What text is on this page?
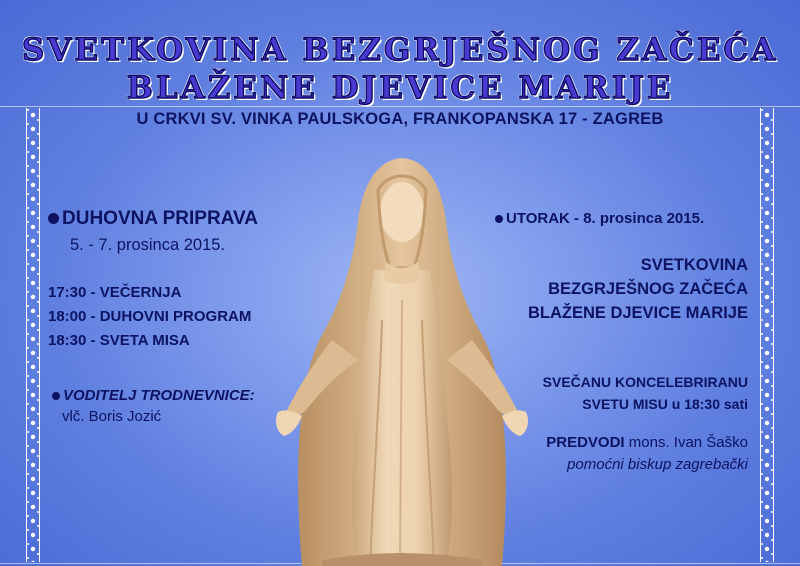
SVETKOVINA BEZGRJEŠNOG ZAČEĆA
BLAŽENE DJEVICE MARIJE
U CRKVI SV. VINKA PAULSKOGA, FRANKOPANSKA 17 - ZAGREB
DUHOVNA PRIPRAVA
5. - 7. prosinca 2015.
17:30 - VEČERNJA
18:00 - DUHOVNI PROGRAM
18:30 - SVETA MISA
VODITELJ TRODNEVNICE:
vlč. Boris Jozić
UTORAK - 8. prosinca 2015.
SVETKOVINA
BEZGRJEŠNOG ZAČEĆA
BLAŽENE DJEVICE MARIJE
SVEČANU KONCELEBRIRANU
SVETU MISU u 18:30 sati
PREDVODI mons. Ivan Šaško
pomoćni biskup zagrebački
